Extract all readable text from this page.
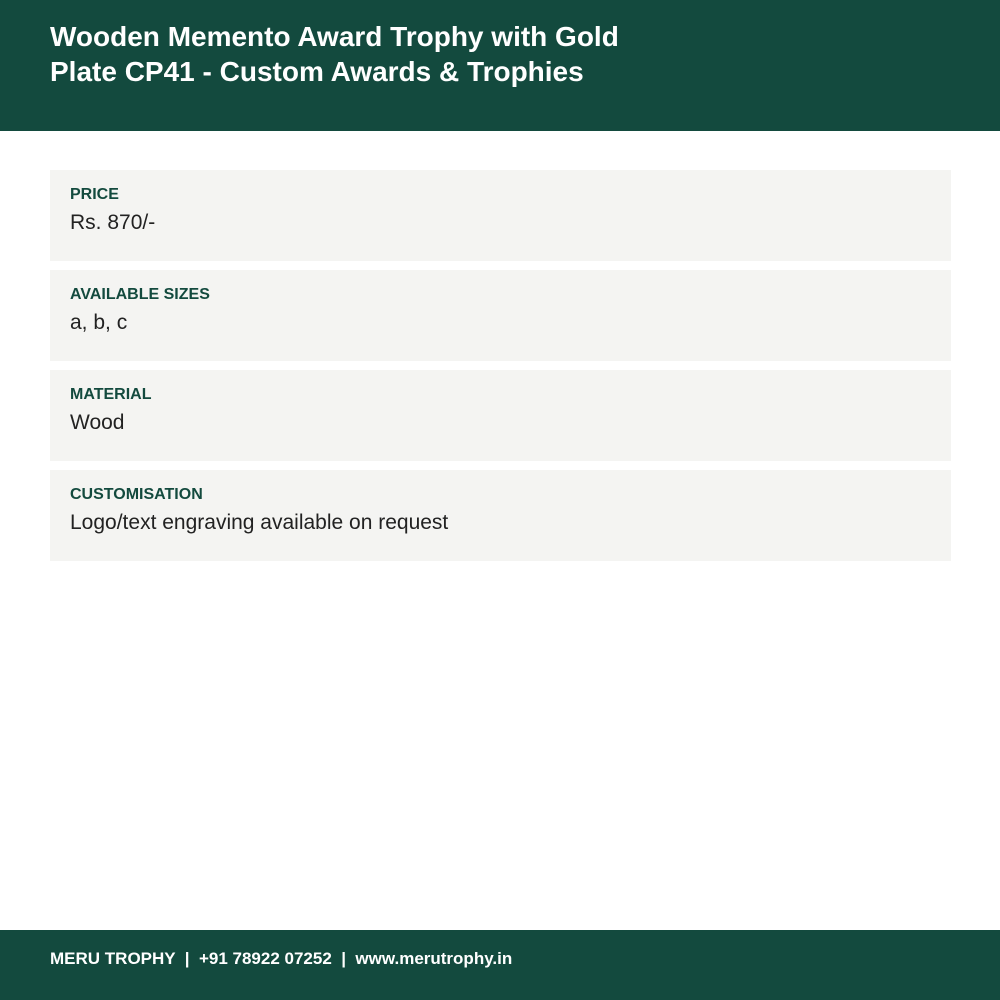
Wooden Memento Award Trophy with Gold Plate CP41 - Custom Awards & Trophies
PRICE
Rs. 870/-
AVAILABLE SIZES
a, b, c
MATERIAL
Wood
CUSTOMISATION
Logo/text engraving available on request
MERU TROPHY  |  +91 78922 07252  |  www.merutrophy.in
